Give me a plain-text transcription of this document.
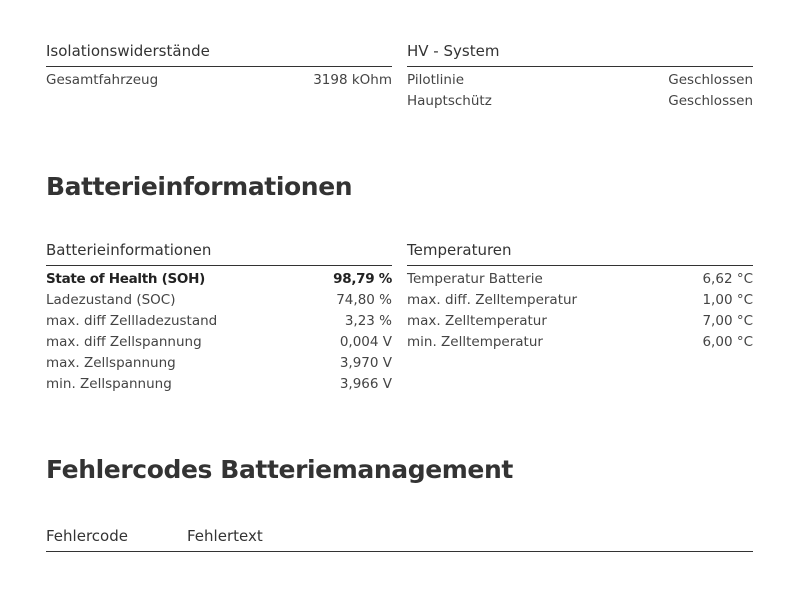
Isolationswiderstände
Gesamtfahrzeug	3198 kOhm
HV - System
Pilotlinie	Geschlossen
Hauptschütz	Geschlossen
Batterieinformationen
Batterieinformationen
State of Health (SOH)	98,79 %
Ladezustand (SOC)	74,80 %
max. diff Zellladezustand	3,23 %
max. diff Zellspannung	0,004 V
max. Zellspannung	3,970 V
min. Zellspannung	3,966 V
Temperaturen
Temperatur Batterie	6,62 °C
max. diff. Zelltemperatur	1,00 °C
max. Zelltemperatur	7,00 °C
min. Zelltemperatur	6,00 °C
Fehlercodes Batteriemanagement
Fehlercode	Fehlertext
